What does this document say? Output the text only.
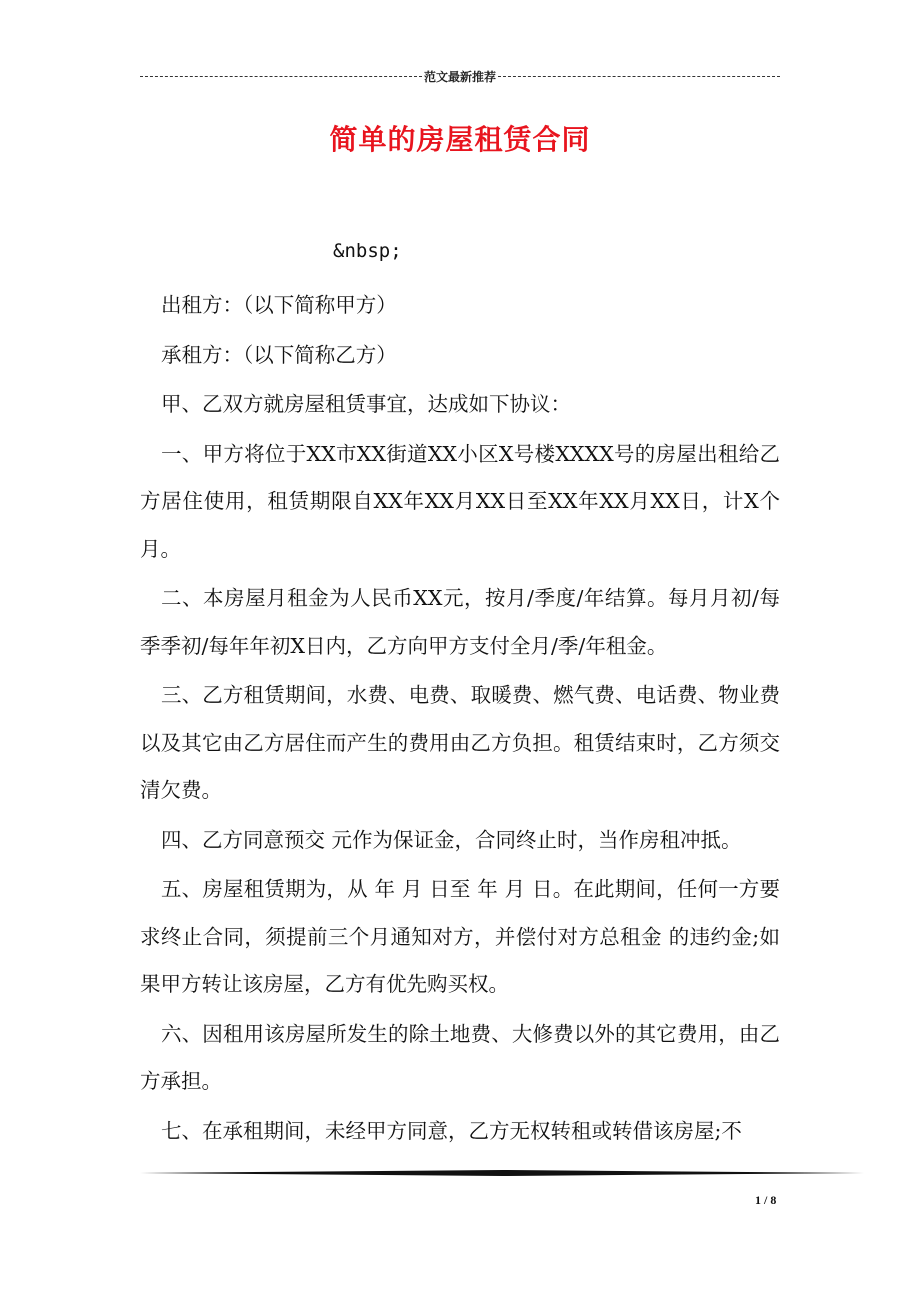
范文最新推荐
简单的房屋租赁合同
&nbsp;

出租方：（以下简称甲方）

承租方：（以下简称乙方）

甲、乙双方就房屋租赁事宜，达成如下协议：

一、甲方将位于XX市XX街道XX小区X号楼XXXX号的房屋出租给乙方居住使用，租赁期限自XX年XX月XX日至XX年XX月XX日，计X个月。

二、本房屋月租金为人民币XX元，按月/季度/年结算。每月月初/每季季初/每年年初X日内，乙方向甲方支付全月/季/年租金。

三、乙方租赁期间，水费、电费、取暖费、燃气费、电话费、物业费以及其它由乙方居住而产生的费用由乙方负担。租赁结束时，乙方须交清欠费。

四、乙方同意预交 元作为保证金，合同终止时，当作房租冲抵。

五、房屋租赁期为，从 年 月 日至 年 月 日。在此期间，任何一方要求终止合同，须提前三个月通知对方，并偿付对方总租金 的违约金;如果甲方转让该房屋，乙方有优先购买权。

六、因租用该房屋所发生的除土地费、大修费以外的其它费用，由乙方承担。

七、在承租期间，未经甲方同意，乙方无权转租或转借该房屋;不

1 / 8
